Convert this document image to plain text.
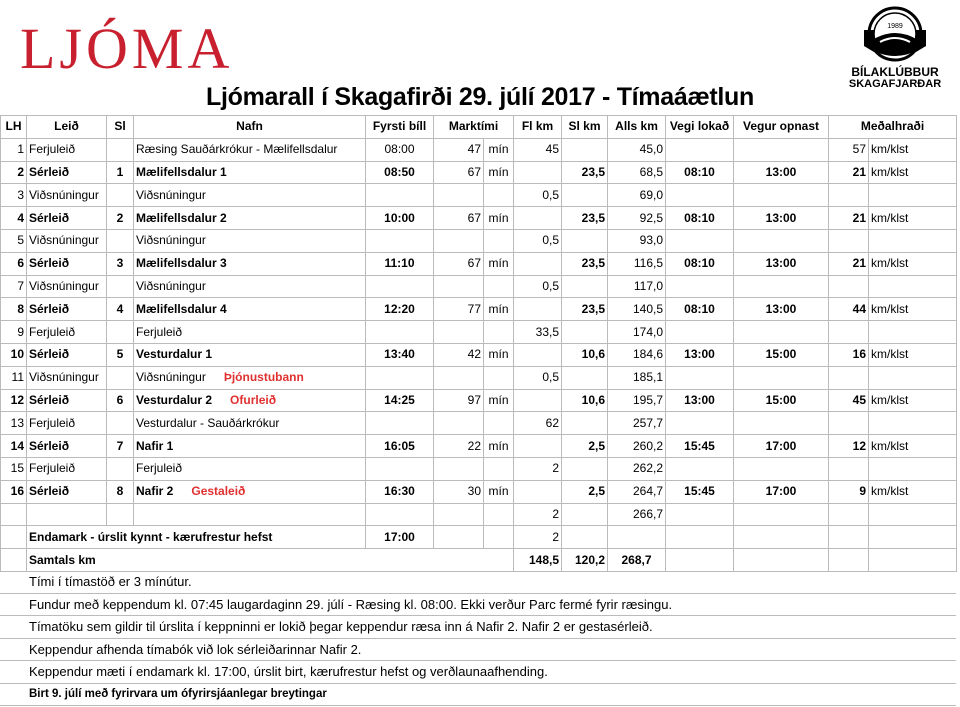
LJÓMA	1989
BÍLAKLÚBBUR
SKAGAFJARÐAR
Ljómarall í Skagafirði 29. júlí 2017 - Tímaáætlun
LH	Leið	Sl	Nafn	Fyrsti bíll	Marktími		Fl km	Sl km	Alls km	Vegi lokað	Vegur opnast	Meðalhraði	
1	Ferjuleið		Ræsing Sauðárkrókur - Mælifellsdalur	08:00	47	mín	45		45,0			57	km/klst
2	Sérleið	1	Mælifellsdalur 1	08:50	67	mín		23,5	68,5	08:10	13:00	21	km/klst
3	Viðsnúningur		Viðsnúningur				0,5		69,0				
4	Sérleið	2	Mælifellsdalur 2	10:00	67	mín		23,5	92,5	08:10	13:00	21	km/klst
5	Viðsnúningur		Viðsnúningur				0,5		93,0				
6	Sérleið	3	Mælifellsdalur 3	11:10	67	mín		23,5	116,5	08:10	13:00	21	km/klst
7	Viðsnúningur		Viðsnúningur				0,5		117,0				
8	Sérleið	4	Mælifellsdalur 4	12:20	77	mín		23,5	140,5	08:10	13:00	44	km/klst
9	Ferjuleið		Ferjuleið				33,5		174,0				
10	Sérleið	5	Vesturdalur 1	13:40	42	mín		10,6	184,6	13:00	15:00	16	km/klst
11	Viðsnúningur		Viðsnúningur Þjónustubann				0,5		185,1				
12	Sérleið	6	Vesturdalur 2 Ofurleið	14:25	97	mín		10,6	195,7	13:00	15:00	45	km/klst
13	Ferjuleið		Vesturdalur - Sauðárkrókur				62		257,7				
14	Sérleið	7	Nafir 1	16:05	22	mín		2,5	260,2	15:45	17:00	12	km/klst
15	Ferjuleið		Ferjuleið				2		262,2				
16	Sérleið	8	Nafir 2 Gestaleið	16:30	30	mín		2,5	264,7	15:45	17:00	9	km/klst
							2		266,7				
	Endamark - úrslit kynnt - kærufrestur hefst			17:00			2						
	Samtals km						148,5	120,2	268,7				
Tími í tímastöð er 3 mínútur.
Fundur með keppendum kl. 07:45 laugardaginn 29. júlí - Ræsing kl. 08:00. Ekki verður Parc fermé fyrir ræsingu.
Tímatöku sem gildir til úrslita í keppninni er lokið þegar keppendur ræsa inn á Nafir 2. Nafir 2 er gestasérleið.
Keppendur afhenda tímabók við lok sérleiðarinnar Nafir 2.
Keppendur mæti í endamark kl. 17:00, úrslit birt, kærufrestur hefst og verðlaunaafhending.
Birt 9. júlí með fyrirvara um ófyrirsjáanlegar breytingar
